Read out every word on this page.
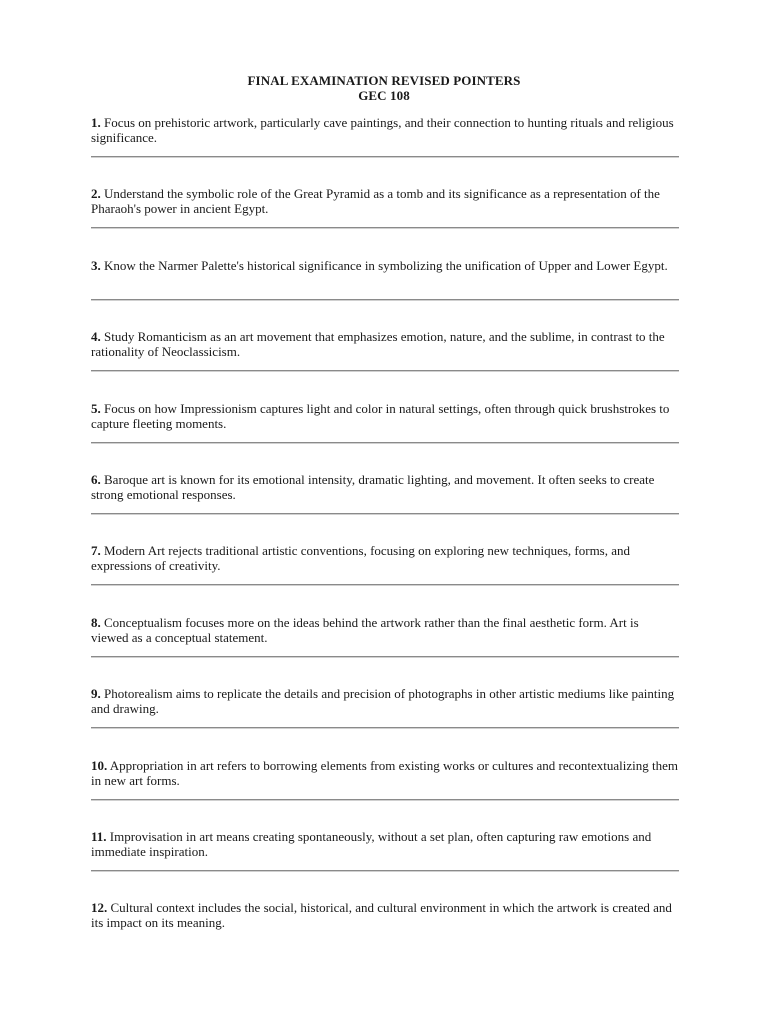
FINAL EXAMINATION REVISED POINTERS
GEC 108

1. Focus on prehistoric artwork, particularly cave paintings, and their connection to hunting rituals and religious significance.

2. Understand the symbolic role of the Great Pyramid as a tomb and its significance as a representation of the Pharaoh's power in ancient Egypt.

3. Know the Narmer Palette's historical significance in symbolizing the unification of Upper and Lower Egypt.

4. Study Romanticism as an art movement that emphasizes emotion, nature, and the sublime, in contrast to the rationality of Neoclassicism.

5. Focus on how Impressionism captures light and color in natural settings, often through quick brushstrokes to capture fleeting moments.

6. Baroque art is known for its emotional intensity, dramatic lighting, and movement. It often seeks to create strong emotional responses.

7. Modern Art rejects traditional artistic conventions, focusing on exploring new techniques, forms, and expressions of creativity.

8. Conceptualism focuses more on the ideas behind the artwork rather than the final aesthetic form. Art is viewed as a conceptual statement.

9. Photorealism aims to replicate the details and precision of photographs in other artistic mediums like painting and drawing.

10. Appropriation in art refers to borrowing elements from existing works or cultures and recontextualizing them in new art forms.

11. Improvisation in art means creating spontaneously, without a set plan, often capturing raw emotions and immediate inspiration.

12. Cultural context includes the social, historical, and cultural environment in which the artwork is created and its impact on its meaning.
